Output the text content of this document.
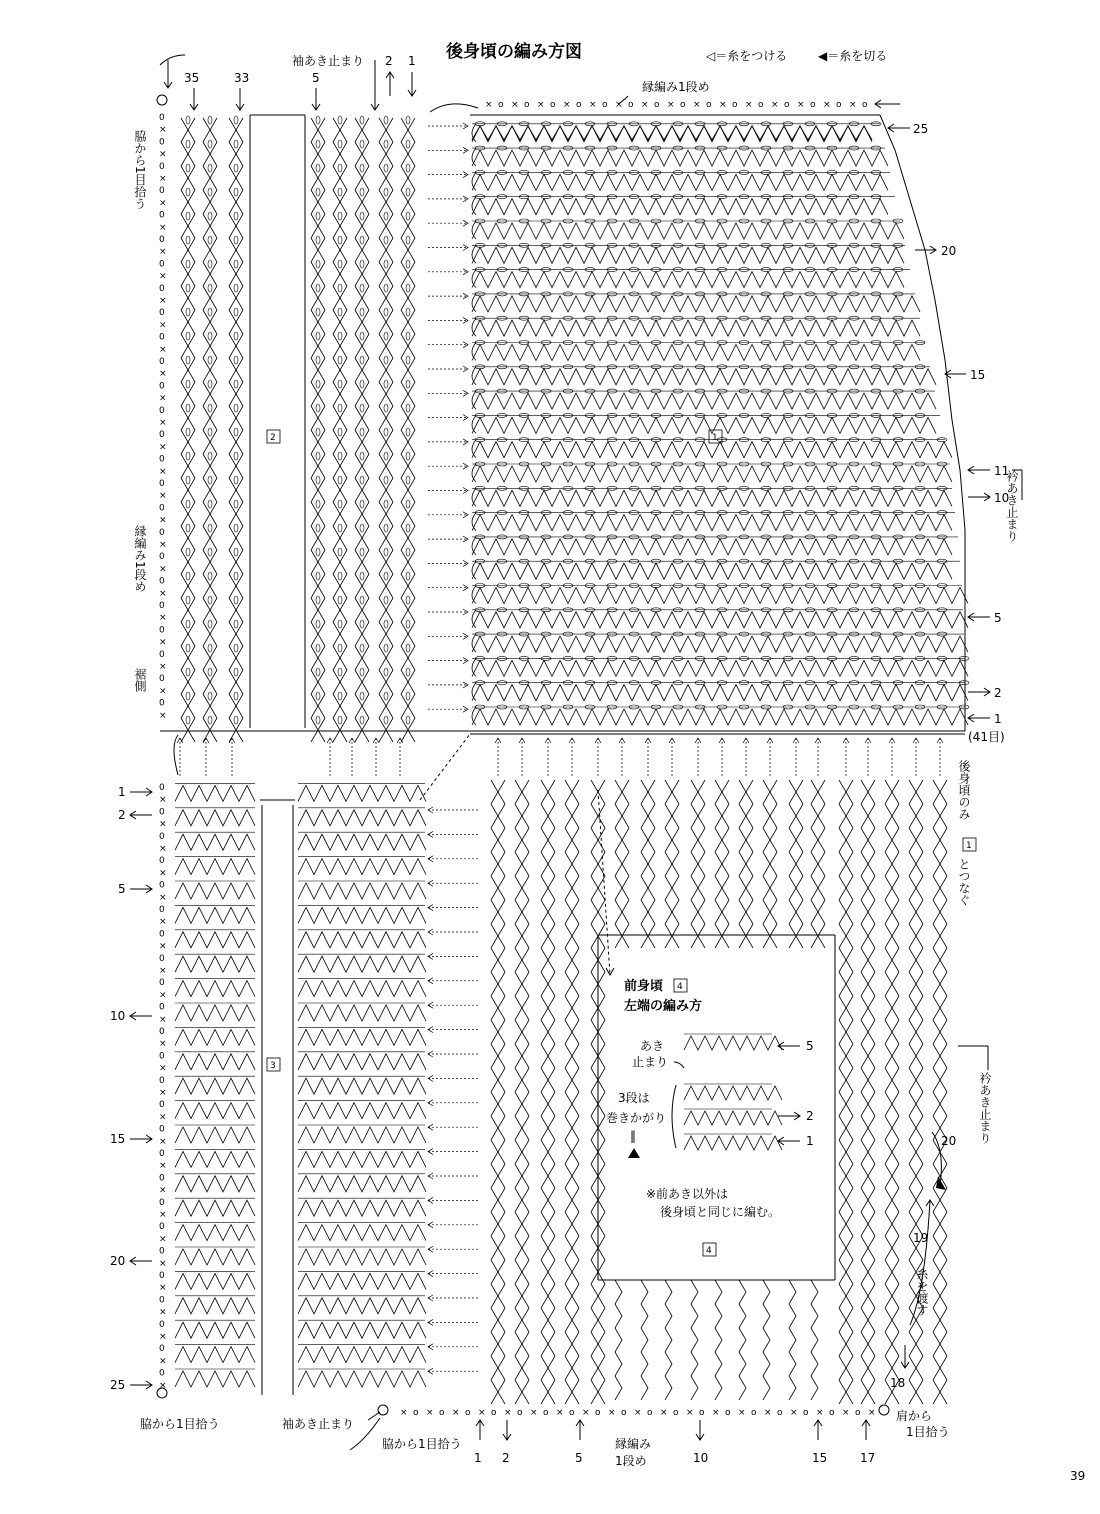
後身頃の編み方図	◁＝糸をつける	◀＝糸を切る
35	33	5
2 1
袖あき止まり
縁編み1段め
脇から1目拾う
縁編み1段め
裾側
× o × o × o × o × o × o × o × o × o × o × o × o × o × o × o
0
×
0
×
0
×
0
×
0
×
0
×
0
×
0
×
0
×
0
×
0
×
0
×
0
×
0
×
0
×
0
×
0
×
0
×
0
×
0
×
0
×
0
×
0
×
0
×
0
×
0
×
0
×
0
×
0
×
0
×
0
×
0
×
0
×
0
×
0
×
0
×
0
×
0
×
0
×
0
×
0
×
0
×
0
×
0
×
0
×
0
×
0
×
0
×
0
×
0
×
× o × o × o × o × o × o × o × o × o × o × o × o × o × o × o × o × o × o ×
25
20
15
11
10
5
2
1
(41目)
衿あき止まり
後身頃のみ
1
とつなぐ
衿あき止まり
20
19
18
糸を渡す
1
2
3
4
1
2
5
10
15
20
25
前身頃 4
左端の編み方
あき
止まり
3段は
巻きかがり
‖
5
2
1
※前あき以外は
後身頃と同じに編む。
脇から1目拾う	袖あき止まり
脇から1目拾う
1 2	5
縁編み
1段め	10	15	17
肩から
1目拾う
39
